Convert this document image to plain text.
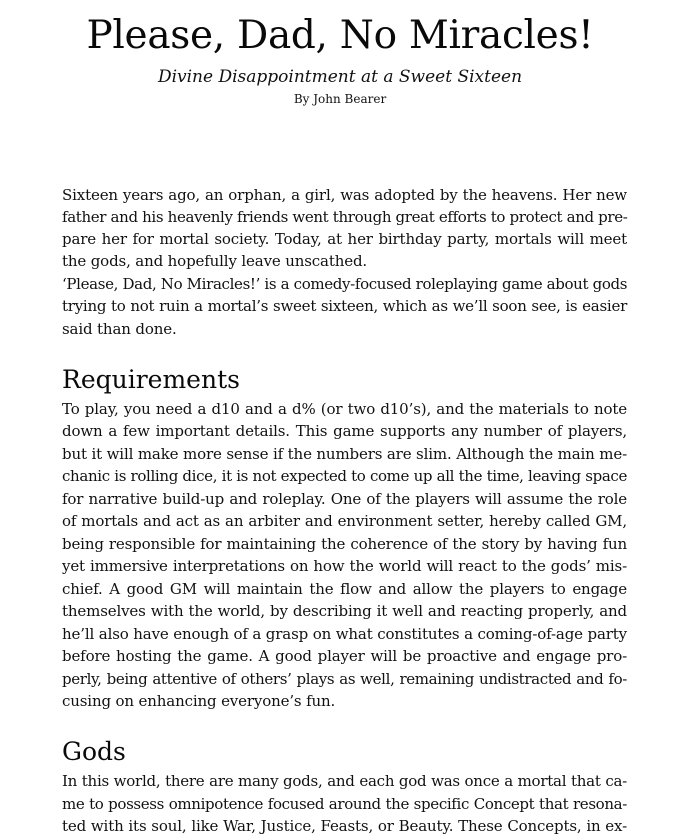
Please, Dad, No Miracles!
Divine Disappointment at a Sweet Sixteen
By John Bearer
Sixteen years ago, an orphan, a girl, was adopted by the heavens. Her new
father and his heavenly friends went through great efforts to protect and pre-
pare her for mortal society. Today, at her birthday party, mortals will meet
the gods, and hopefully leave unscathed.
‘Please, Dad, No Miracles!’ is a comedy-focused roleplaying game about gods
trying to not ruin a mortal’s sweet sixteen, which as we’ll soon see, is easier
said than done.
Requirements
To play, you need a d10 and a d% (or two d10’s), and the materials to note
down a few important details. This game supports any number of players,
but it will make more sense if the numbers are slim. Although the main me-
chanic is rolling dice, it is not expected to come up all the time, leaving space
for narrative build-up and roleplay. One of the players will assume the role
of mortals and act as an arbiter and environment setter, hereby called GM,
being responsible for maintaining the coherence of the story by having fun
yet immersive interpretations on how the world will react to the gods’ mis-
chief. A good GM will maintain the flow and allow the players to engage
themselves with the world, by describing it well and reacting properly, and
he’ll also have enough of a grasp on what constitutes a coming-of-age party
before hosting the game. A good player will be proactive and engage pro-
perly, being attentive of others’ plays as well, remaining undistracted and fo-
cusing on enhancing everyone’s fun.
Gods
In this world, there are many gods, and each god was once a mortal that ca-
me to possess omnipotence focused around the specific Concept that resona-
ted with its soul, like War, Justice, Feasts, or Beauty. These Concepts, in ex-
